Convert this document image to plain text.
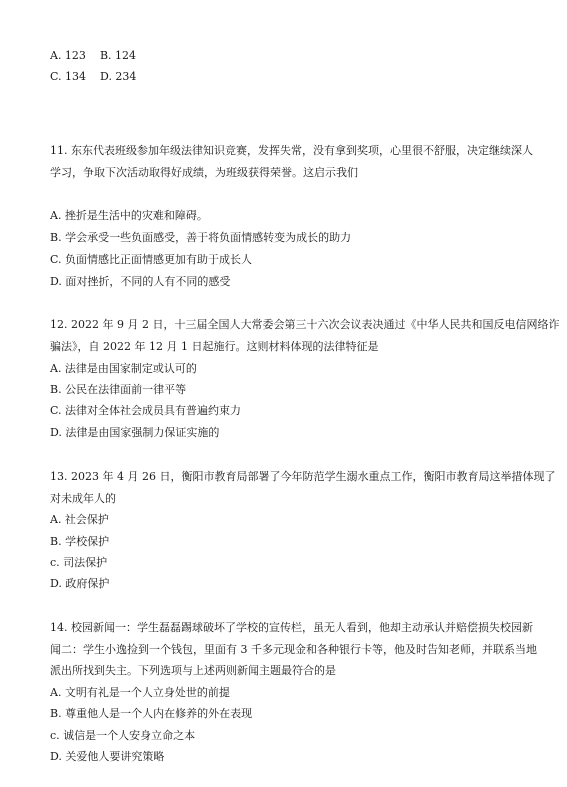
A. 123 B. 124
C. 134 D. 234
11. 东东代表班级参加年级法律知识竞赛，发挥失常，没有拿到奖项，心里很不舒服，决定继续深人
学习，争取下次活动取得好成绩，为班级获得荣誉。这启示我们
A. 挫折是生活中的灾难和障碍。
B. 学会承受一些负面感受，善于将负面情感转变为成长的助力
C. 负面情感比正面情感更加有助于成长人
D. 面对挫折，不同的人有不同的感受
12. 2022 年 9 月 2 日，十三届全国人大常委会第三十六次会议表决通过《中华人民共和国反电信网络诈
骗法》，自 2022 年 12 月 1 日起施行。这则材料体现的法律特征是
A. 法律是由国家制定或认可的
B. 公民在法律面前一律平等
C. 法律对全体社会成员具有普遍约束力
D. 法律是由国家强制力保证实施的
13. 2023 年 4 月 26 日，衡阳市教育局部署了今年防范学生溺水重点工作，衡阳市教育局这举措体现了
对未成年人的
A. 社会保护
B. 学校保护
c. 司法保护
D. 政府保护
14. 校园新闻一：学生磊磊踢球破坏了学校的宣传栏，虽无人看到，他却主动承认并赔偿损失校园新
闻二：学生小逸捡到一个钱包，里面有 3 千多元现金和各种银行卡等，他及时告知老师，并联系当地
派出所找到失主。下列选项与上述两则新闻主题最符合的是
A. 文明有礼是一个人立身处世的前提
B. 尊重他人是一个人内在修养的外在表现
c. 诚信是一个人安身立命之本
D. 关爱他人要讲究策略
